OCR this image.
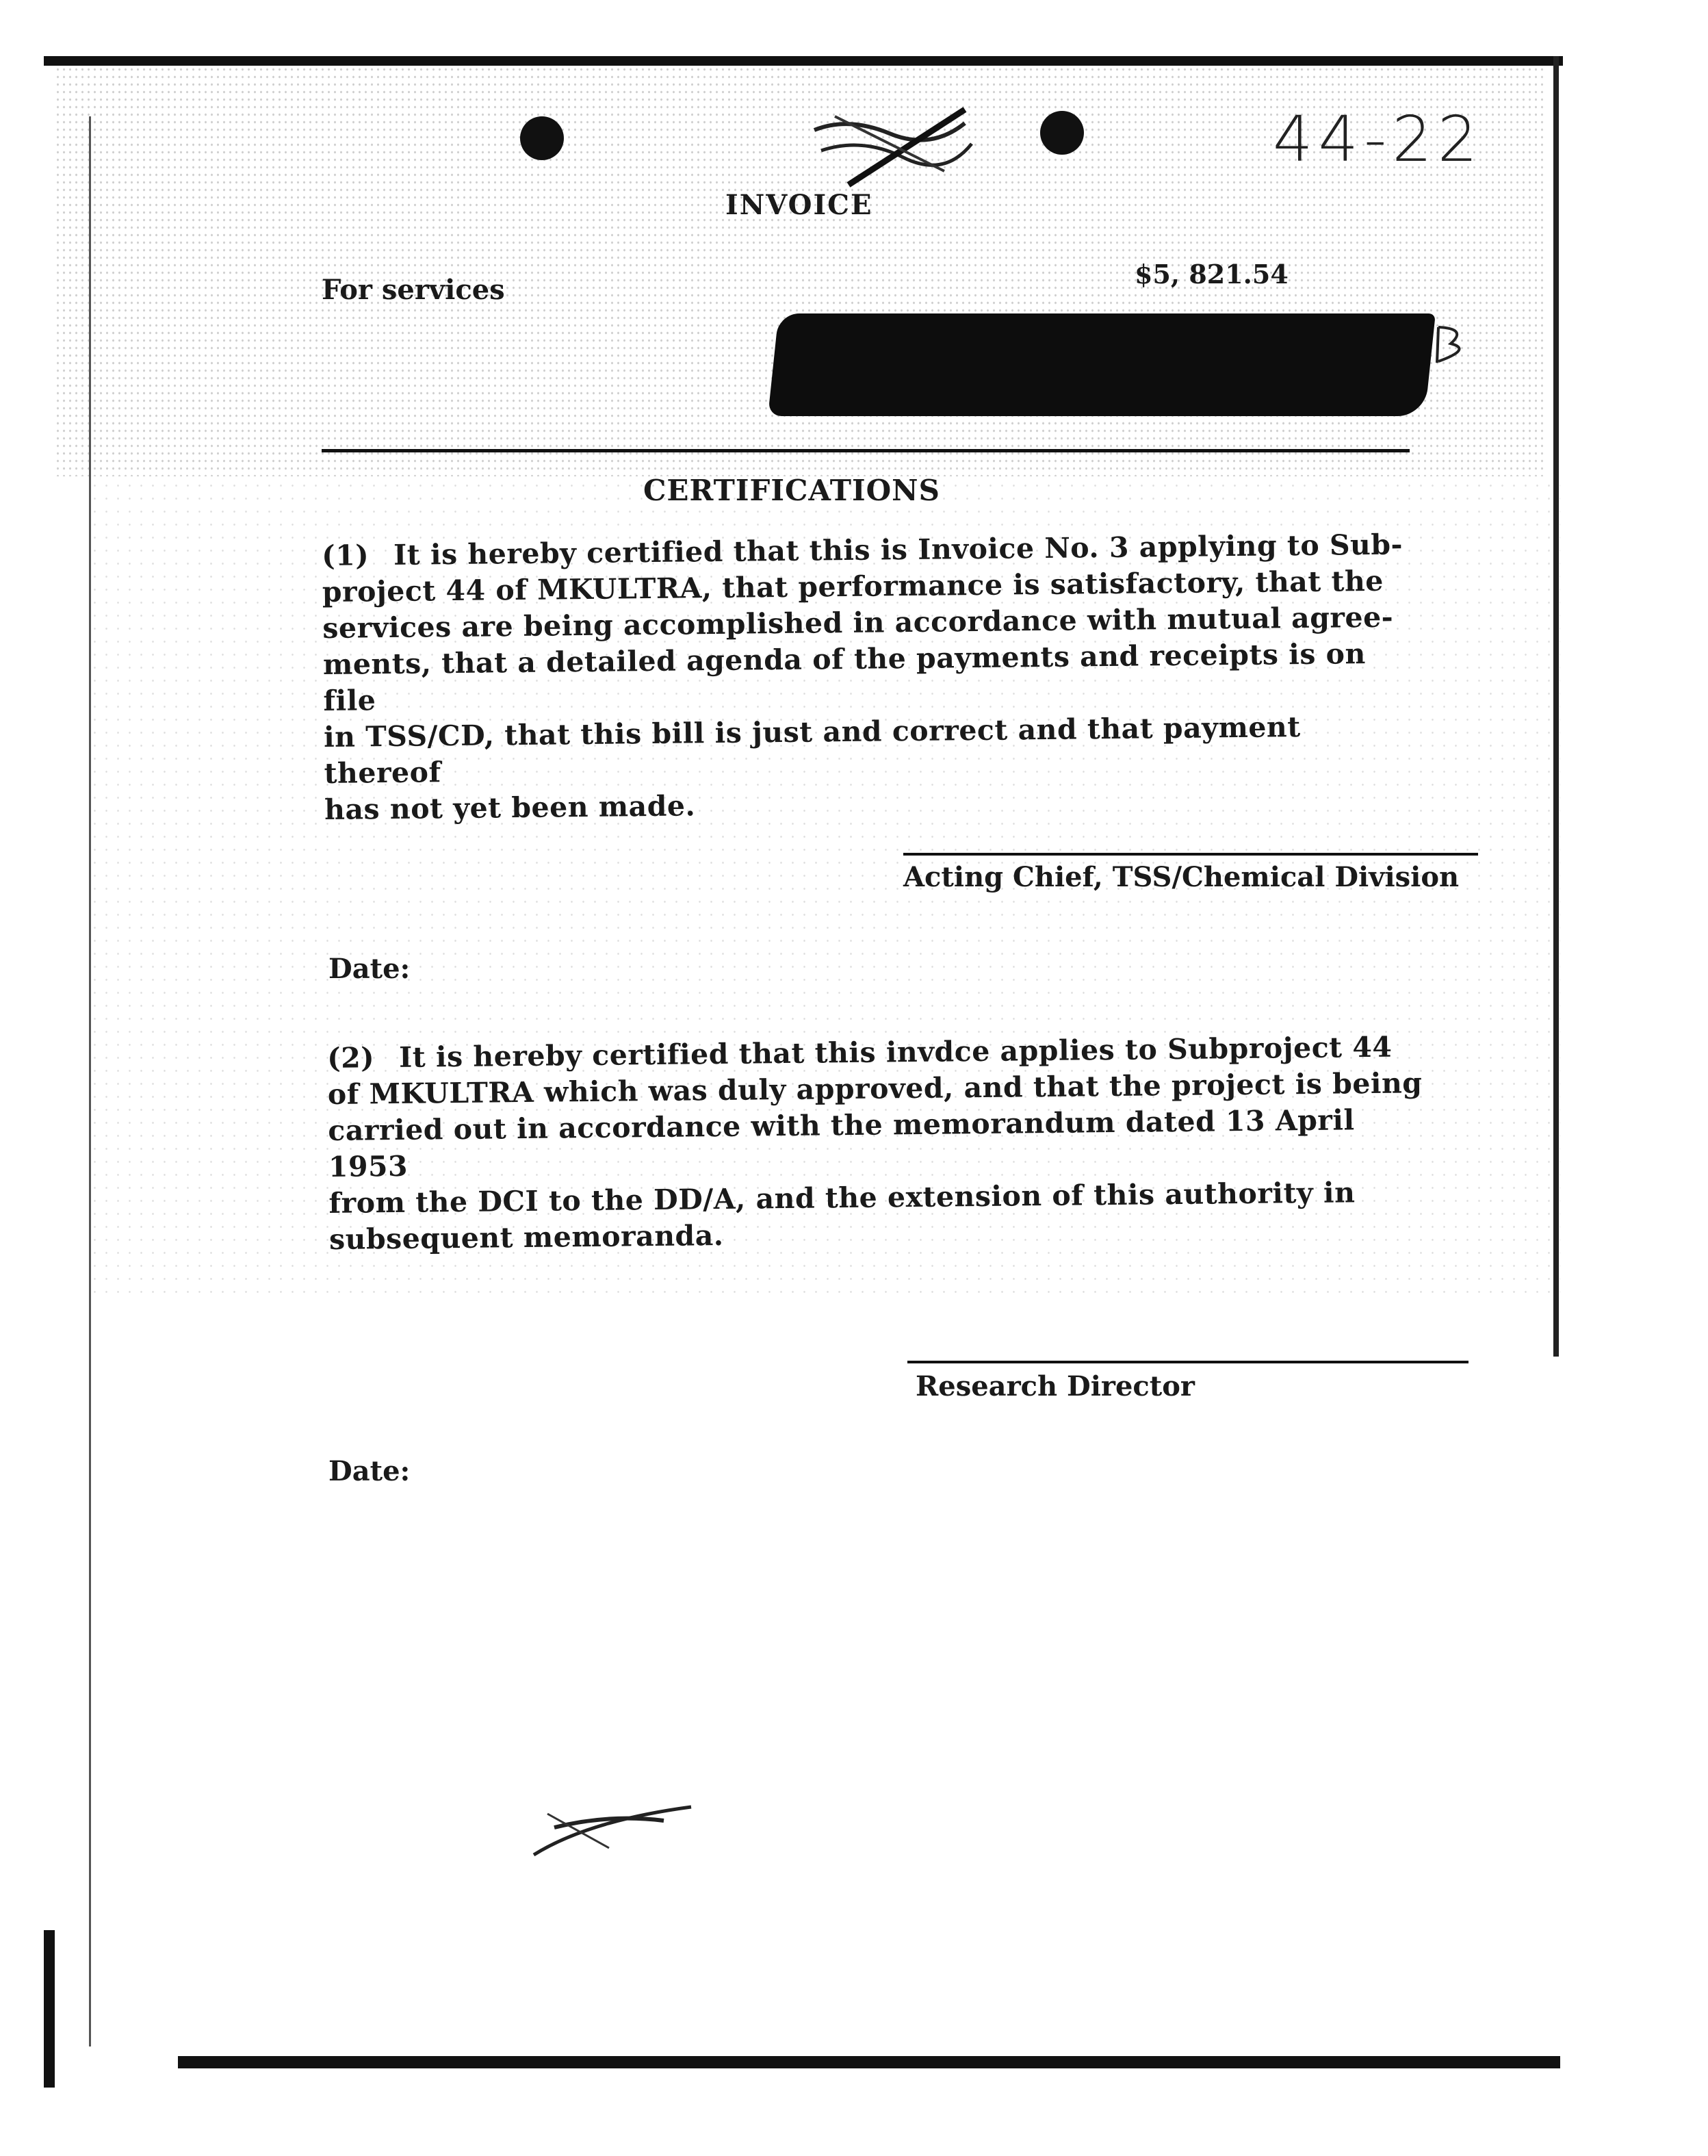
44-22
INVOICE
For services	$5, 821.54
CERTIFICATIONS
(1) It is hereby certified that this is Invoice No. 3 applying to Sub-
project 44 of MKULTRA, that performance is satisfactory, that the
services are being accomplished in accordance with mutual agree-
ments, that a detailed agenda of the payments and receipts is on file
in TSS/CD, that this bill is just and correct and that payment thereof
has not yet been made.
Acting Chief, TSS/Chemical Division
Date:
(2) It is hereby certified that this invdce applies to Subproject 44
of MKULTRA which was duly approved, and that the project is being
carried out in accordance with the memorandum dated 13 April 1953
from the DCI to the DD/A, and the extension of this authority in
subsequent memoranda.
Research Director
Date:
